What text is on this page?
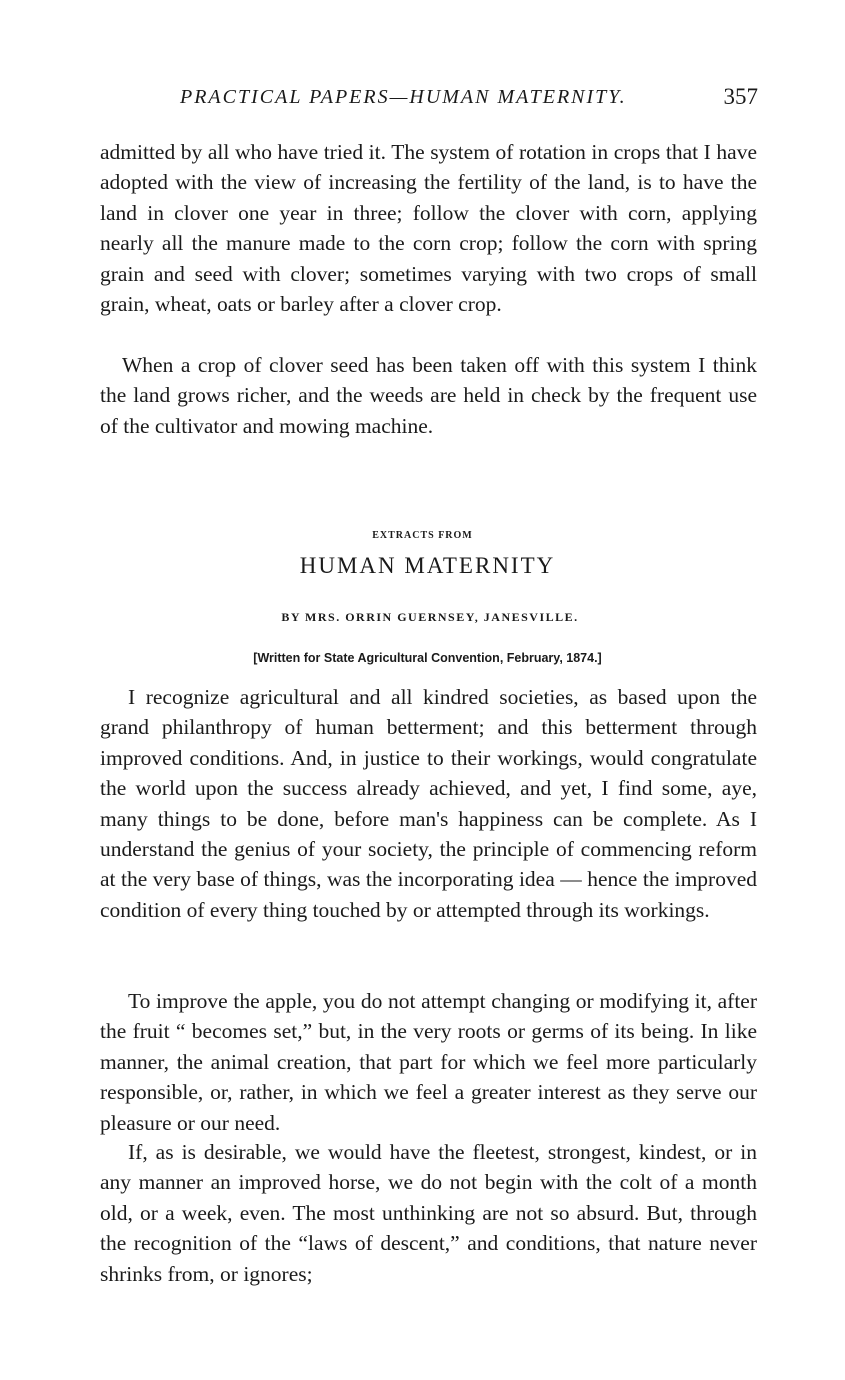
PRACTICAL PAPERS—HUMAN MATERNITY.	357

admitted by all who have tried it. The system of rotation in crops that I have adopted with the view of increasing the fertility of the land, is to have the land in clover one year in three; follow the clover with corn, applying nearly all the manure made to the corn crop; follow the corn with spring grain and seed with clover; sometimes varying with two crops of small grain, wheat, oats or barley after a clover crop.

When a crop of clover seed has been taken off with this system I think the land grows richer, and the weeds are held in check by the frequent use of the cultivator and mowing machine.

EXTRACTS FROM
HUMAN MATERNITY
BY MRS. ORRIN GUERNSEY, JANESVILLE.
[Written for State Agricultural Convention, February, 1874.]

I recognize agricultural and all kindred societies, as based upon the grand philanthropy of human betterment; and this betterment through improved conditions. And, in justice to their workings, would congratulate the world upon the success already achieved, and yet, I find some, aye, many things to be done, before man's happiness can be complete. As I understand the genius of your society, the principle of commencing reform at the very base of things, was the incorporating idea — hence the improved condition of every thing touched by or attempted through its workings.

To improve the apple, you do not attempt changing or modifying it, after the fruit “ becomes set,” but, in the very roots or germs of its being. In like manner, the animal creation, that part for which we feel more particularly responsible, or, rather, in which we feel a greater interest as they serve our pleasure or our need.

If, as is desirable, we would have the fleetest, strongest, kindest, or in any manner an improved horse, we do not begin with the colt of a month old, or a week, even. The most unthinking are not so absurd. But, through the recognition of the “laws of descent,” and conditions, that nature never shrinks from, or ignores;
